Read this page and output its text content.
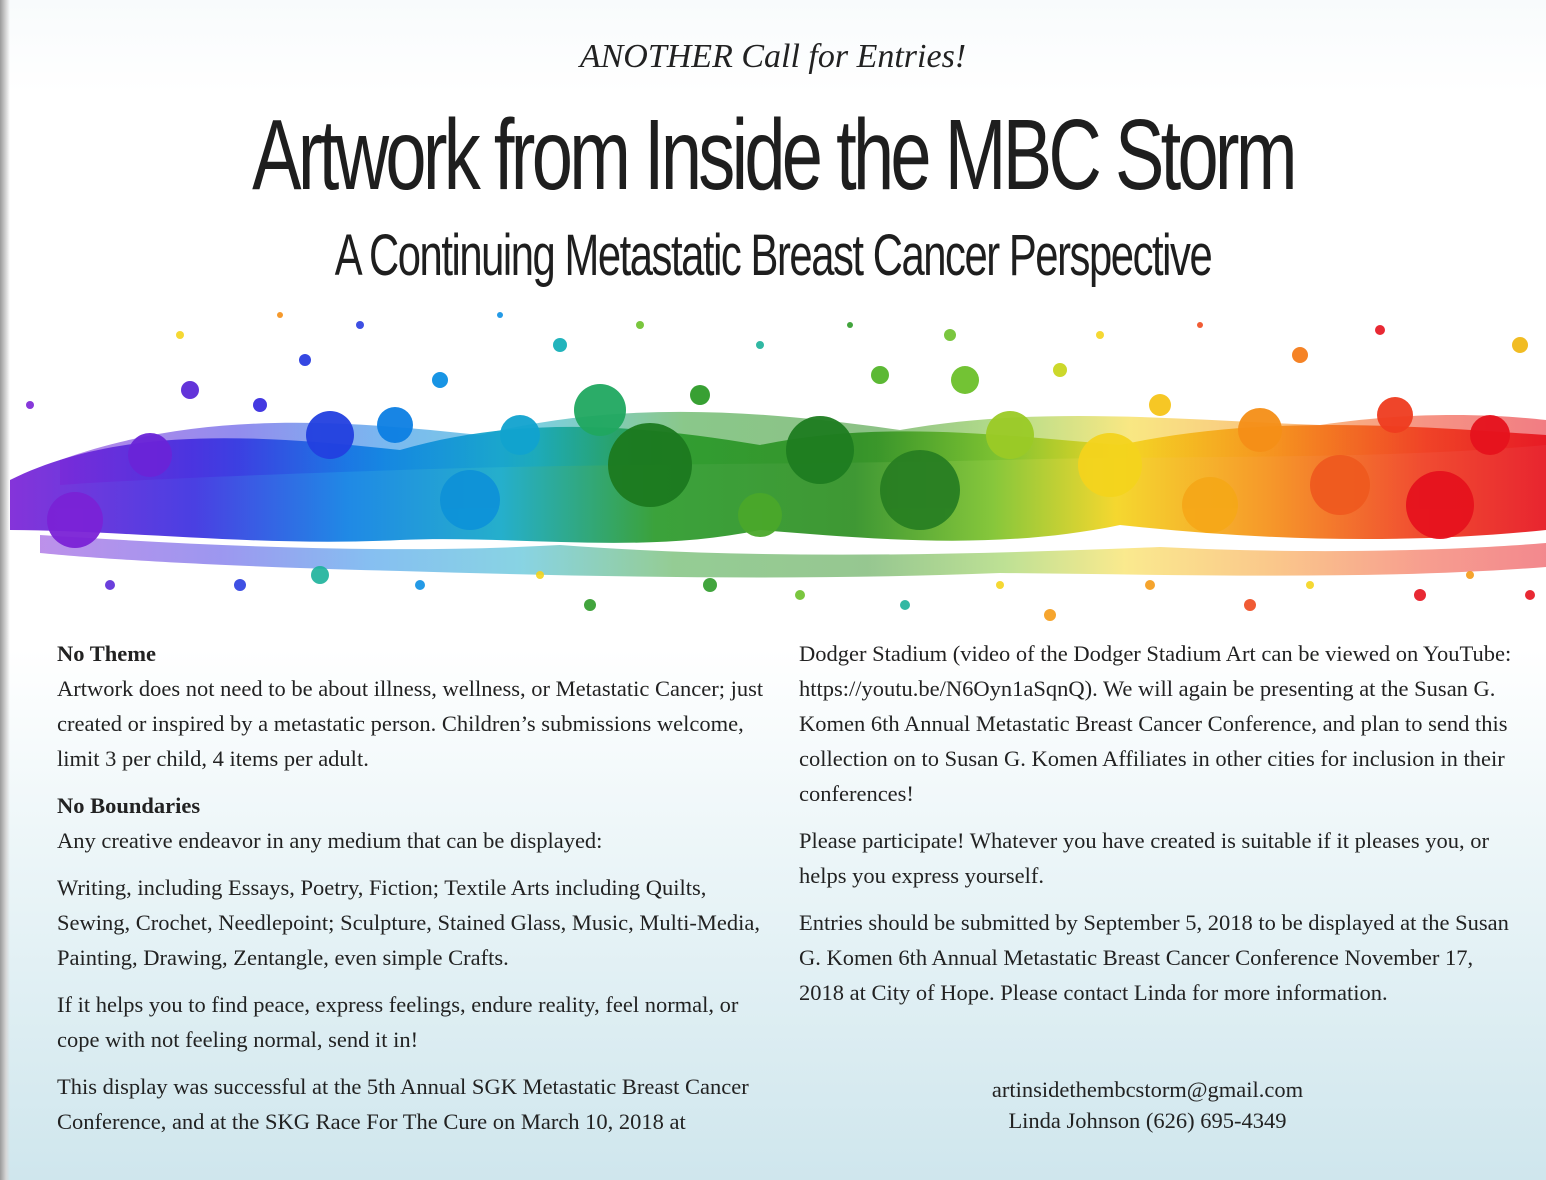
ANOTHER Call for Entries!
Artwork from Inside the MBC Storm
A Continuing Metastatic Breast Cancer Perspective
No Theme

Artwork does not need to be about illness, wellness, or Metastatic Cancer; just created or inspired by a metastatic person. Children’s submissions welcome, limit 3 per child, 4 items per adult.

No Boundaries

Any creative endeavor in any medium that can be displayed:

Writing, including Essays, Poetry, Fiction; Textile Arts including Quilts, Sewing, Crochet, Needlepoint; Sculpture, Stained Glass, Music, Multi-Media, Painting, Drawing, Zentangle, even simple Crafts.

If it helps you to find peace, express feelings, endure reality, feel normal, or cope with not feeling normal, send it in!

This display was successful at the 5th Annual SGK Metastatic Breast Cancer Conference, and at the SKG Race For The Cure on March 10, 2018 at

Dodger Stadium (video of the Dodger Stadium Art can be viewed on YouTube: https://youtu.be/N6Oyn1aSqnQ). We will again be presenting at the Susan G. Komen 6th Annual Metastatic Breast Cancer Conference, and plan to send this collection on to Susan G. Komen Affiliates in other cities for inclusion in their conferences!

Please participate! Whatever you have created is suitable if it pleases you, or helps you express yourself.

Entries should be submitted by September 5, 2018 to be displayed at the Susan G. Komen 6th Annual Metastatic Breast Cancer Conference November 17, 2018 at City of Hope. Please contact Linda for more information.

artinsidethembcstorm@gmail.com
Linda Johnson (626) 695-4349
